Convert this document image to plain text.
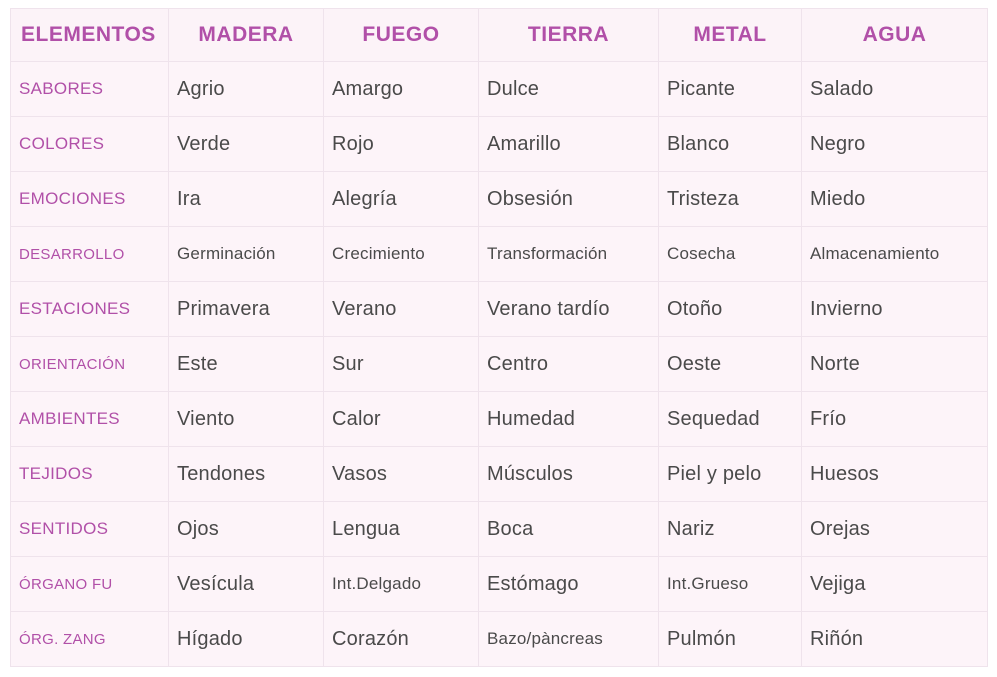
ELEMENTOS	MADERA	FUEGO	TIERRA	METAL	AGUA
SABORES	Agrio	Amargo	Dulce	Picante	Salado
COLORES	Verde	Rojo	Amarillo	Blanco	Negro
EMOCIONES	Ira	Alegría	Obsesión	Tristeza	Miedo
DESARROLLO	Germinación	Crecimiento	Transformación	Cosecha	Almacenamiento
ESTACIONES	Primavera	Verano	Verano tardío	Otoño	Invierno
ORIENTACIÓN	Este	Sur	Centro	Oeste	Norte
AMBIENTES	Viento	Calor	Humedad	Sequedad	Frío
TEJIDOS	Tendones	Vasos	Músculos	Piel y pelo	Huesos
SENTIDOS	Ojos	Lengua	Boca	Nariz	Orejas
ÓRGANO FU	Vesícula	Int.Delgado	Estómago	Int.Grueso	Vejiga
ÓRG. ZANG	Hígado	Corazón	Bazo/pàncreas	Pulmón	Riñón
